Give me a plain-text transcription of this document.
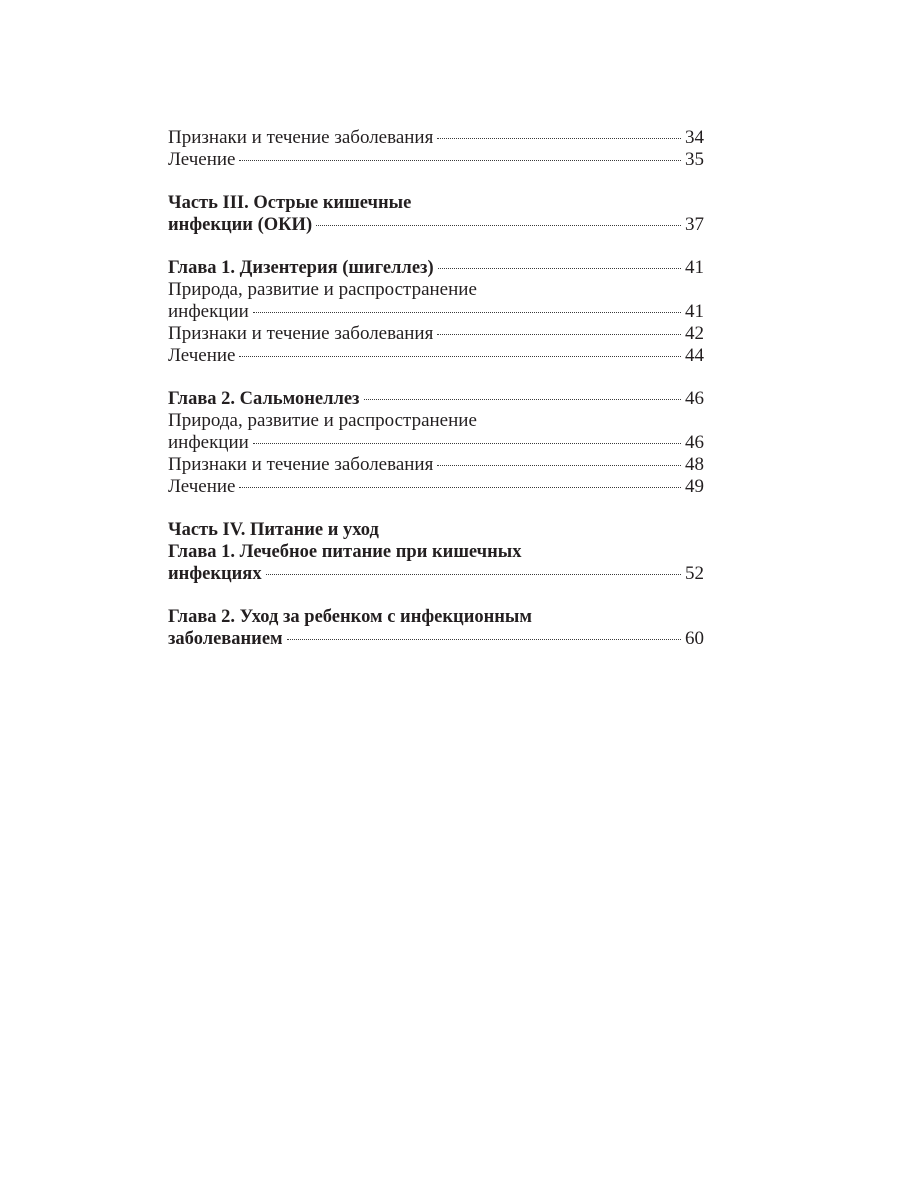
Признаки и течение заболевания	34
Лечение	35
Часть III. Острые кишечные
инфекции (ОКИ)	37
Глава 1. Дизентерия (шигеллез)	41
Природа, развитие и распространение
инфекции	41
Признаки и течение заболевания	42
Лечение	44
Глава 2. Сальмонеллез	46
Природа, развитие и распространение
инфекции	46
Признаки и течение заболевания	48
Лечение	49
Часть IV. Питание и уход
Глава 1. Лечебное питание при кишечных
инфекциях	52
Глава 2. Уход за ребенком с инфекционным
заболеванием	60
